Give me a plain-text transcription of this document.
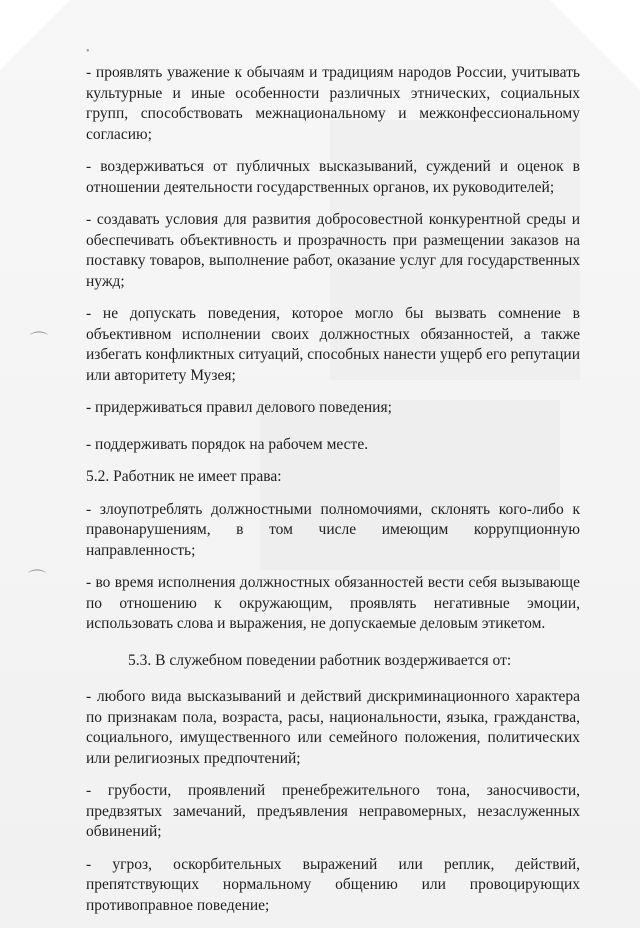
⌒
⌒
•

- проявлять уважение к обычаям и традициям народов России, учитывать культурные и иные особенности различных этнических, социальных групп, способствовать межнациональному и межконфессиональному согласию;

- воздерживаться от публичных высказываний, суждений и оценок в отношении деятельности государственных органов, их руководителей;

- создавать условия для развития добросовестной конкурентной среды и обеспечивать объективность и прозрачность при размещении заказов на поставку товаров, выполнение работ, оказание услуг для государственных нужд;

- не допускать поведения, которое могло бы вызвать сомнение в объективном исполнении своих должностных обязанностей, а также избегать конфликтных ситуаций, способных нанести ущерб его репутации или авторитету Музея;

- придерживаться правил делового поведения;

- поддерживать порядок на рабочем месте.

5.2. Работник не имеет права:

- злоупотреблять должностными полномочиями, склонять кого-либо к правонарушениям, в том числе имеющим коррупционную направленность;

- во время исполнения должностных обязанностей вести себя вызывающе по отношению к окружающим, проявлять негативные эмоции, использовать слова и выражения, не допускаемые деловым этикетом.

5.3. В служебном поведении работник воздерживается от:

- любого вида высказываний и действий дискриминационного характера по признакам пола, возраста, расы, национальности, языка, гражданства, социального, имущественного или семейного положения, политических или религиозных предпочтений;

- грубости, проявлений пренебрежительного тона, заносчивости, предвзятых замечаний, предъявления неправомерных, незаслуженных обвинений;

- угроз, оскорбительных выражений или реплик, действий, препятствующих нормальному общению или провоцирующих противоправное поведение;
